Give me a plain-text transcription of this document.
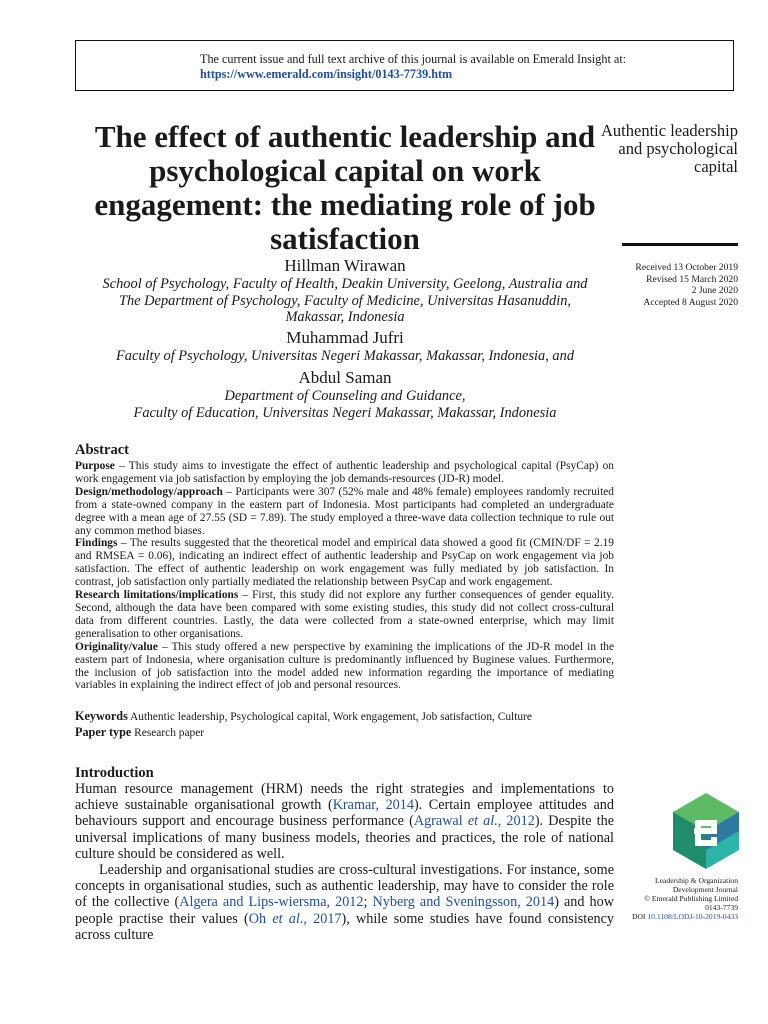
The current issue and full text archive of this journal is available on Emerald Insight at:
https://www.emerald.com/insight/0143-7739.htm
The effect of authentic leadership and psychological capital on work engagement: the mediating role of job satisfaction
Authentic leadership and psychological capital
Received 13 October 2019
Revised 15 March 2020
2 June 2020
Accepted 8 August 2020
Hillman Wirawan
School of Psychology, Faculty of Health, Deakin University, Geelong, Australia and
The Department of Psychology, Faculty of Medicine, Universitas Hasanuddin,
Makassar, Indonesia
Muhammad Jufri
Faculty of Psychology, Universitas Negeri Makassar, Makassar, Indonesia, and
Abdul Saman
Department of Counseling and Guidance,
Faculty of Education, Universitas Negeri Makassar, Makassar, Indonesia
Abstract

Purpose – This study aims to investigate the effect of authentic leadership and psychological capital (PsyCap) on work engagement via job satisfaction by employing the job demands-resources (JD-R) model.

Design/methodology/approach – Participants were 307 (52% male and 48% female) employees randomly recruited from a state-owned company in the eastern part of Indonesia. Most participants had completed an undergraduate degree with a mean age of 27.55 (SD = 7.89). The study employed a three-wave data collection technique to rule out any common method biases.

Findings – The results suggested that the theoretical model and empirical data showed a good fit (CMIN/DF = 2.19 and RMSEA = 0.06), indicating an indirect effect of authentic leadership and PsyCap on work engagement via job satisfaction. The effect of authentic leadership on work engagement was fully mediated by job satisfaction. In contrast, job satisfaction only partially mediated the relationship between PsyCap and work engagement.

Research limitations/implications – First, this study did not explore any further consequences of gender equality. Second, although the data have been compared with some existing studies, this study did not collect cross-cultural data from different countries. Lastly, the data were collected from a state-owned enterprise, which may limit generalisation to other organisations.

Originality/value – This study offered a new perspective by examining the implications of the JD-R model in the eastern part of Indonesia, where organisation culture is predominantly influenced by Buginese values. Furthermore, the inclusion of job satisfaction into the model added new information regarding the importance of mediating variables in explaining the indirect effect of job and personal resources.

Keywords Authentic leadership, Psychological capital, Work engagement, Job satisfaction, Culture
Paper type Research paper
Introduction

Human resource management (HRM) needs the right strategies and implementations to achieve sustainable organisational growth (Kramar, 2014). Certain employee attitudes and behaviours support and encourage business performance (Agrawal et al., 2012). Despite the universal implications of many business models, theories and practices, the role of national culture should be considered as well.

Leadership and organisational studies are cross-cultural investigations. For instance, some concepts in organisational studies, such as authentic leadership, may have to consider the role of the collective (Algera and Lips-wiersma, 2012; Nyberg and Sveningsson, 2014) and how people practise their values (Oh et al., 2017), while some studies have found consistency across culture

Leadership & Organization
Development Journal
© Emerald Publishing Limited
0143-7739
DOI 10.1108/LODJ-10-2019-0433
